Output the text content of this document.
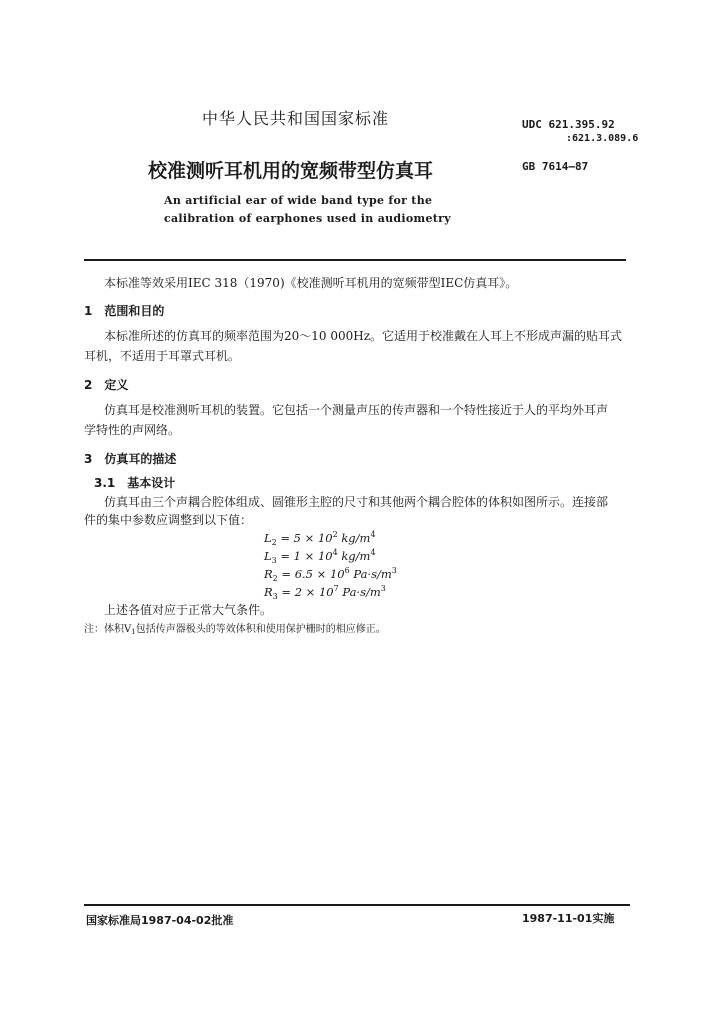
中华人民共和国国家标准	UDC 621.395.92
:621.3.089.6
校准测听耳机用的宽频带型仿真耳	GB 7614—87
An artificial ear of wide band type for the
calibration of earphones used in audiometry
本标准等效采用IEC 318（1970)《校准测听耳机用的宽频带型IEC仿真耳》。
1　范围和目的
本标准所述的仿真耳的频率范围为20～10 000Hz。它适用于校准戴在人耳上不形成声漏的贴耳式
耳机，不适用于耳罩式耳机。
2　定义
仿真耳是校准测听耳机的装置。它包括一个测量声压的传声器和一个特性接近于人的平均外耳声
学特性的声网络。
3　仿真耳的描述
3.1　基本设计
仿真耳由三个声耦合腔体组成、圆锥形主腔的尺寸和其他两个耦合腔体的体积如图所示。连接部
件的集中参数应调整到以下值：
$L_2 = 5 \times 10^2$ $kg/m^4$
$L_3 = 1 \times 10^4$ $kg/m^4$
$R_2 = 6.5 \times 10^6$ $Pa\cdot s/m^3$
$R_3 = 2 \times 10^7$ $Pa\cdot s/m^3$
上述各值对应于正常大气条件。
注：体积$V_1$包括传声器极头的等效体积和使用保护栅时的相应修正。
国家标准局1987-04-02批准	1987-11-01实施
